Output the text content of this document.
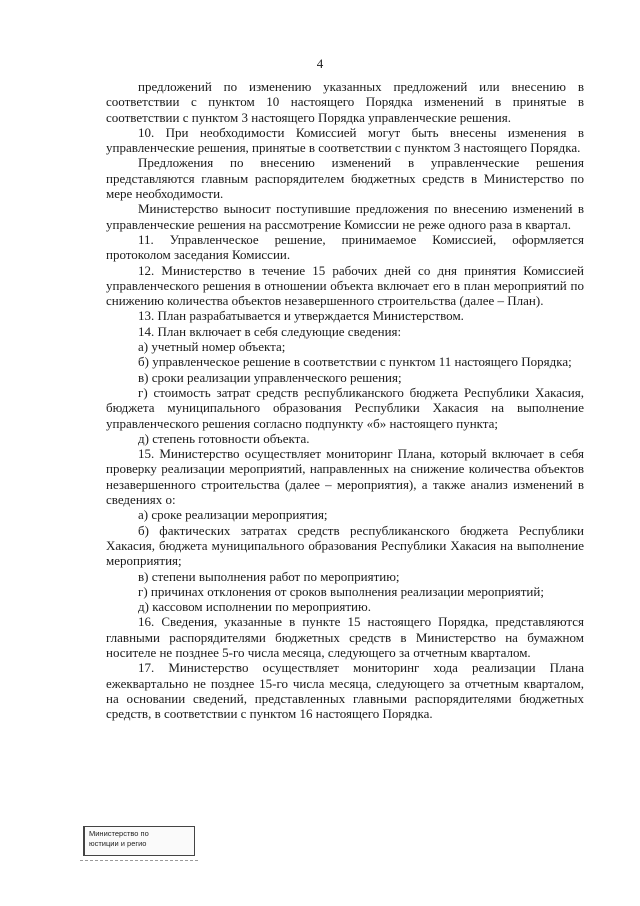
4

предложений по изменению указанных предложений или внесению в соответствии с пунктом 10 настоящего Порядка изменений в принятые в соответствии с пунктом 3 настоящего Порядка управленческие решения.

10. При необходимости Комиссией могут быть внесены изменения в управленческие решения, принятые в соответствии с пунктом 3 настоящего Порядка.

Предложения по внесению изменений в управленческие решения представляются главным распорядителем бюджетных средств в Министерство по мере необходимости.

Министерство выносит поступившие предложения по внесению изменений в управленческие решения на рассмотрение Комиссии не реже одного раза в квартал.

11. Управленческое решение, принимаемое Комиссией, оформляется протоколом заседания Комиссии.

12. Министерство в течение 15 рабочих дней со дня принятия Комиссией управленческого решения в отношении объекта включает его в план мероприятий по снижению количества объектов незавершенного строительства (далее – План).

13. План разрабатывается и утверждается Министерством.

14. План включает в себя следующие сведения:

а) учетный номер объекта;

б) управленческое решение в соответствии с пунктом 11 настоящего Порядка;

в) сроки реализации управленческого решения;

г) стоимость затрат средств республиканского бюджета Республики Хакасия, бюджета муниципального образования Республики Хакасия на выполнение управленческого решения согласно подпункту «б» настоящего пункта;

д) степень готовности объекта.

15. Министерство осуществляет мониторинг Плана, который включает в себя проверку реализации мероприятий, направленных на снижение количества объектов незавершенного строительства (далее – мероприятия), а также анализ изменений в сведениях о:

а) сроке реализации мероприятия;

б) фактических затратах средств республиканского бюджета Республики Хакасия, бюджета муниципального образования Республики Хакасия на выполнение мероприятия;

в) степени выполнения работ по мероприятию;

г) причинах отклонения от сроков выполнения реализации мероприятий;

д) кассовом исполнении по мероприятию.

16. Сведения, указанные в пункте 15 настоящего Порядка, представляются главными распорядителями бюджетных средств в Министерство на бумажном носителе не позднее 5-го числа месяца, следующего за отчетным кварталом.

17. Министерство осуществляет мониторинг хода реализации Плана ежеквартально не позднее 15-го числа месяца, следующего за отчетным кварталом, на основании сведений, представленных главными распорядителями бюджетных средств, в соответствии с пунктом 16 настоящего Порядка.

Министерство по
юстиции и регио
